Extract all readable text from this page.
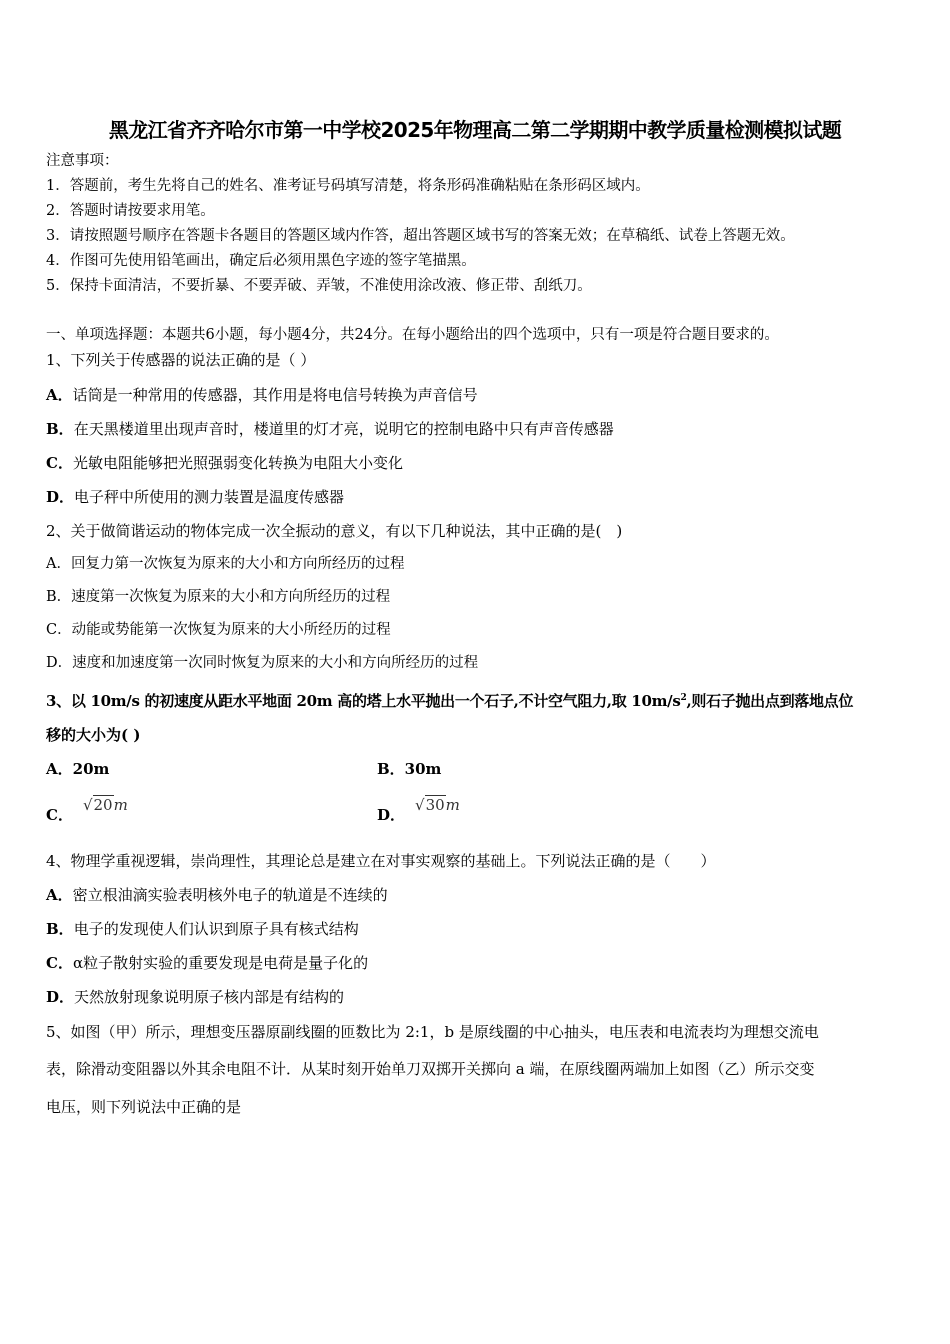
黑龙江省齐齐哈尔市第一中学校2025年物理高二第二学期期中教学质量检测模拟试题
注意事项：
1．答题前，考生先将自己的姓名、准考证号码填写清楚，将条形码准确粘贴在条形码区域内。
2．答题时请按要求用笔。
3．请按照题号顺序在答题卡各题目的答题区域内作答，超出答题区域书写的答案无效；在草稿纸、试卷上答题无效。
4．作图可先使用铅笔画出，确定后必须用黑色字迹的签字笔描黑。
5．保持卡面清洁，不要折暴、不要弄破、弄皱，不准使用涂改液、修正带、刮纸刀。
一、单项选择题：本题共6小题，每小题4分，共24分。在每小题给出的四个选项中，只有一项是符合题目要求的。
1、下列关于传感器的说法正确的是（ ）
A．话筒是一种常用的传感器，其作用是将电信号转换为声音信号
B．在天黑楼道里出现声音时，楼道里的灯才亮，说明它的控制电路中只有声音传感器
C．光敏电阻能够把光照强弱变化转换为电阻大小变化
D．电子秤中所使用的测力装置是温度传感器
2、关于做简谐运动的物体完成一次全振动的意义，有以下几种说法，其中正确的是(　)
A．回复力第一次恢复为原来的大小和方向所经历的过程
B．速度第一次恢复为原来的大小和方向所经历的过程
C．动能或势能第一次恢复为原来的大小所经历的过程
D．速度和加速度第一次同时恢复为原来的大小和方向所经历的过程
3、以 10m/s 的初速度从距水平地面 20m 高的塔上水平抛出一个石子,不计空气阻力,取 $10m/s^2$,则石子抛出点到落地点位
移的大小为( )
A．20m	B．30m
C．√20m
D．√30m
4、物理学重视逻辑，崇尚理性，其理论总是建立在对事实观察的基础上。下列说法正确的是（　　）
A．密立根油滴实验表明核外电子的轨道是不连续的
B．电子的发现使人们认识到原子具有核式结构
C．α粒子散射实验的重要发现是电荷是量子化的
D．天然放射现象说明原子核内部是有结构的
5、如图（甲）所示，理想变压器原副线圈的匝数比为 2:1，b 是原线圈的中心抽头，电压表和电流表均为理想交流电
表，除滑动变阻器以外其余电阻不计．从某时刻开始单刀双掷开关掷向 a 端，在原线圈两端加上如图（乙）所示交变
电压，则下列说法中正确的是
